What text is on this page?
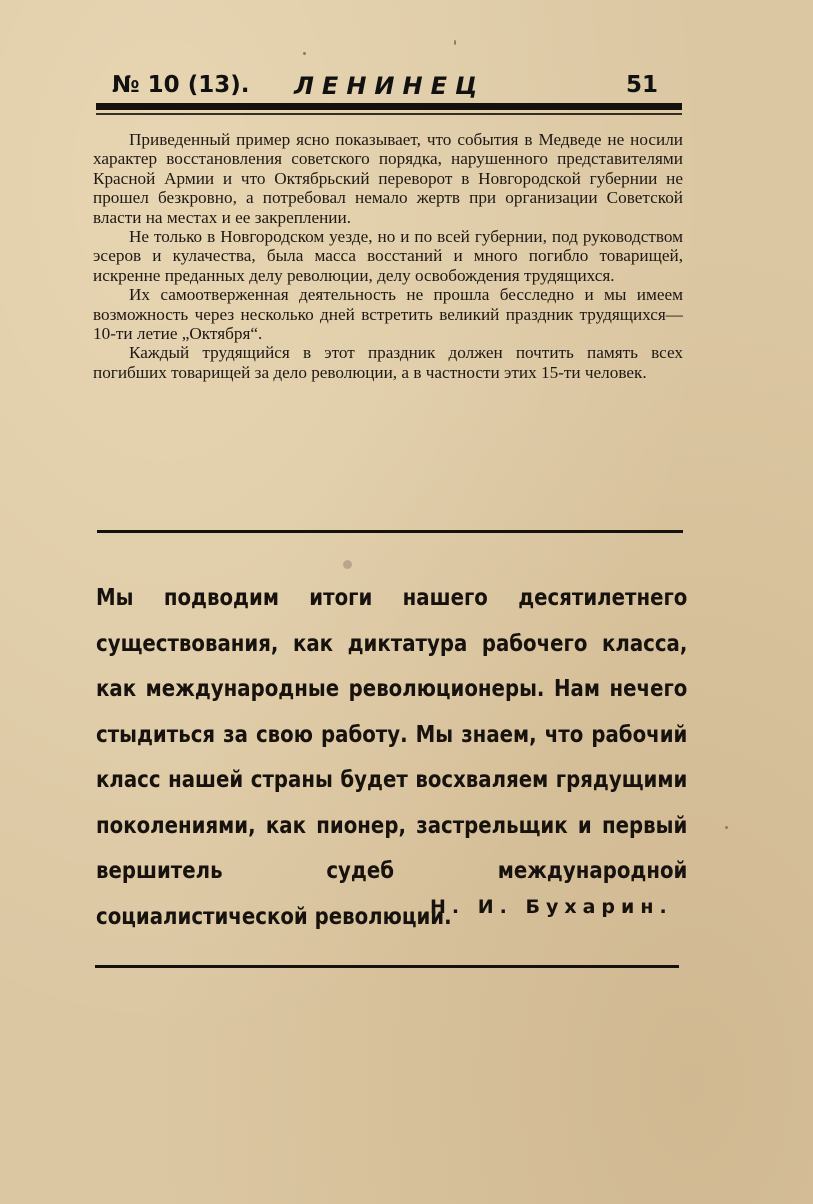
№ 10 (13). ЛЕНИНЕЦ	51

Приведенный пример ясно показывает, что события в Медведе не носили характер восстановления советского порядка, нарушенного представителями Красной Армии и что Октябрьский переворот в Новгородской губернии не прошел безкровно, а потребовал немало жертв при организации Советской власти на местах и ее закреплении.

Не только в Новгородском уезде, но и по всей губернии, под руководством эсеров и кулачества, была масса восстаний и много погибло товарищей, искренне преданных делу революции, делу освобождения трудящихся.

Их самоотверженная деятельность не прошла бесследно и мы имеем возможность через несколько дней встретить великий праздник трудящихся—10-ти летие „Октября“.

Каждый трудящийся в этот праздник должен почтить память всех погибших товарищей за дело революции, а в частности этих 15-ти человек.

Мы подводим итоги нашего десятилетнего существования, как диктатура рабочего класса, как международные революционеры. Нам нечего стыдиться за свою работу. Мы знаем, что рабочий класс нашей страны будет восхваляем грядущими поколениями, как пионер, застрельщик и первый вершитель судеб международной социалистической революции.
Н. И. Бухарин.
